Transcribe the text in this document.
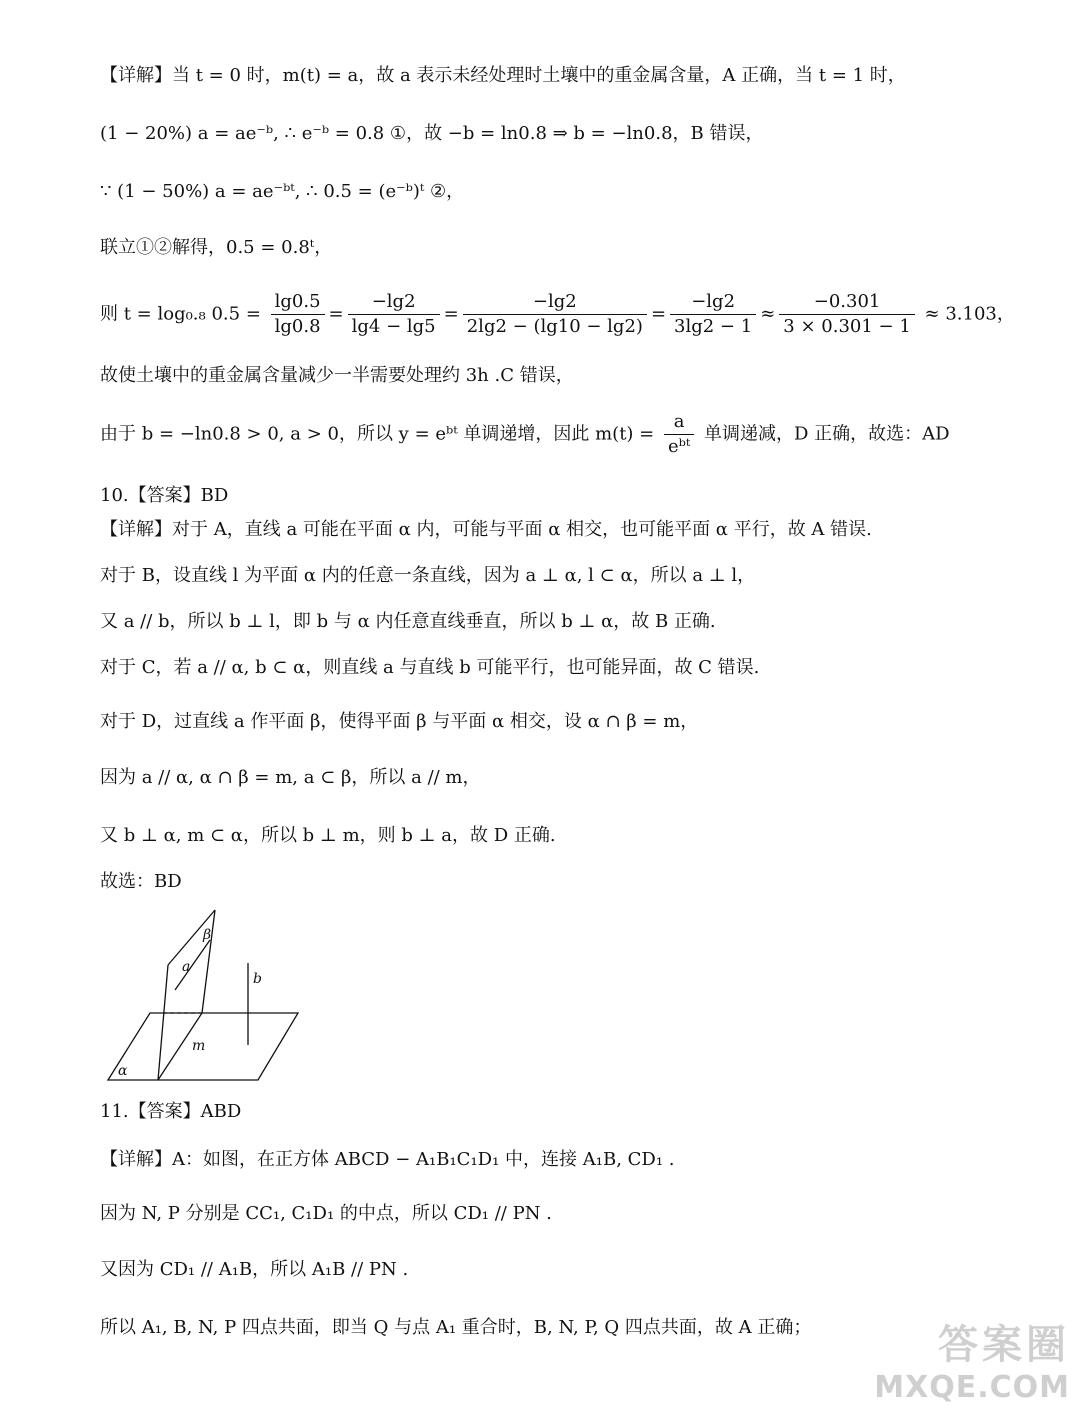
【详解】当 t = 0 时，m(t) = a，故 a 表示未经处理时土壤中的重金属含量，A 正确，当 t = 1 时，
(1 − 20%) a = ae⁻ᵇ, ∴ e⁻ᵇ = 0.8 ①，故 −b = ln0.8 ⇒ b = −ln0.8，B 错误，
∵ (1 − 50%) a = ae⁻ᵇᵗ, ∴ 0.5 = (e⁻ᵇ)ᵗ ②，
联立①②解得，0.5 = 0.8ᵗ，
则 t = log₀.₈ $0.5 = \frac{\lg 0.5}{\lg 0.8} = \frac{-\lg 2}{\lg 4 - \lg 5} = \frac{-\lg 2}{2\lg 2 - (\lg 10 - \lg 2)} = \frac{-\lg 2}{3\lg 2 - 1} \approx \frac{-0.301}{3 \times 0.301 - 1} \approx 3.103$，
故使土壤中的重金属含量减少一半需要处理约 3h .C 错误，
由于 b = −ln0.8 > 0, a > 0，所以 y = eᵇᵗ 单调递增，因此 $m(t) = \frac{a}{\text{eᵇᵗ}}$ 单调递减，D 正确，故选：AD
10.【答案】BD
【详解】对于 A，直线 a 可能在平面 α 内，可能与平面 α 相交，也可能平面 α 平行，故 A 错误.
对于 B，设直线 l 为平面 α 内的任意一条直线，因为 a ⊥ α, l ⊂ α，所以 a ⊥ l，
又 a // b，所以 b ⊥ l，即 b 与 α 内任意直线垂直，所以 b ⊥ α，故 B 正确.
对于 C，若 a // α, b ⊂ α，则直线 a 与直线 b 可能平行，也可能异面，故 C 错误.
对于 D，过直线 a 作平面 β，使得平面 β 与平面 α 相交，设 α ∩ β = m，
因为 a // α, α ∩ β = m, a ⊂ β，所以 a // m，
又 b ⊥ α, m ⊂ α，所以 b ⊥ m，则 b ⊥ a，故 D 正确.
故选：BD
β
a
b
m
α
11.【答案】ABD
【详解】A：如图，在正方体 ABCD − A₁B₁C₁D₁ 中，连接 A₁B, CD₁ .
因为 N, P 分别是 CC₁, C₁D₁ 的中点，所以 CD₁ // PN .
又因为 CD₁ // A₁B，所以 A₁B // PN .
所以 A₁, B, N, P 四点共面，即当 Q 与点 A₁ 重合时，B, N, P, Q 四点共面，故 A 正确；	答案圈
MXQE.COM
